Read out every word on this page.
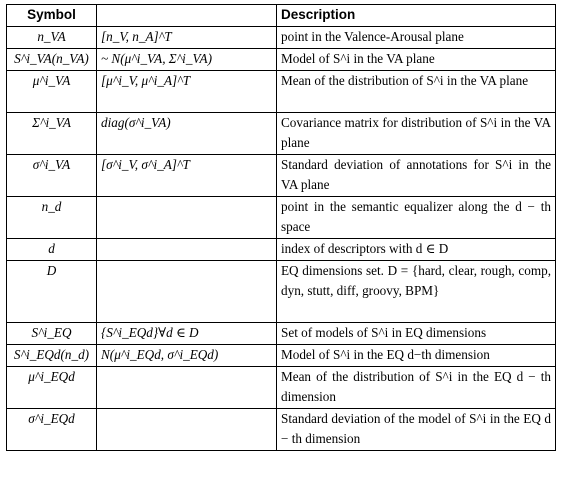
Symbol		Description
n_VA	[n_V, n_A]^T	point in the Valence-Arousal plane
S^i_VA(n_VA)	~ N(μ^i_VA, Σ^i_VA)	Model of S^i in the VA plane
μ^i_VA	[μ^i_V, μ^i_A]^T	Mean of the distribution of S^i in the VA plane
Σ^i_VA	diag(σ^i_VA)	Covariance matrix for distribution of S^i in the VA plane
σ^i_VA	[σ^i_V, σ^i_A]^T	Standard deviation of annotations for S^i in the VA plane
n_d		point in the semantic equalizer along the d − th space
d		index of descriptors with d ∈ D
D		EQ dimensions set. D = {hard, clear, rough, comp, dyn, stutt, diff, groovy, BPM}
S^i_EQ	{S^i_EQd}∀d ∈ D	Set of models of S^i in EQ dimensions
S^i_EQd(n_d)	N(μ^i_EQd, σ^i_EQd)	Model of S^i in the EQ d−th dimension
μ^i_EQd		Mean of the distribution of S^i in the EQ d − th dimension
σ^i_EQd		Standard deviation of the model of S^i in the EQ d − th dimension
